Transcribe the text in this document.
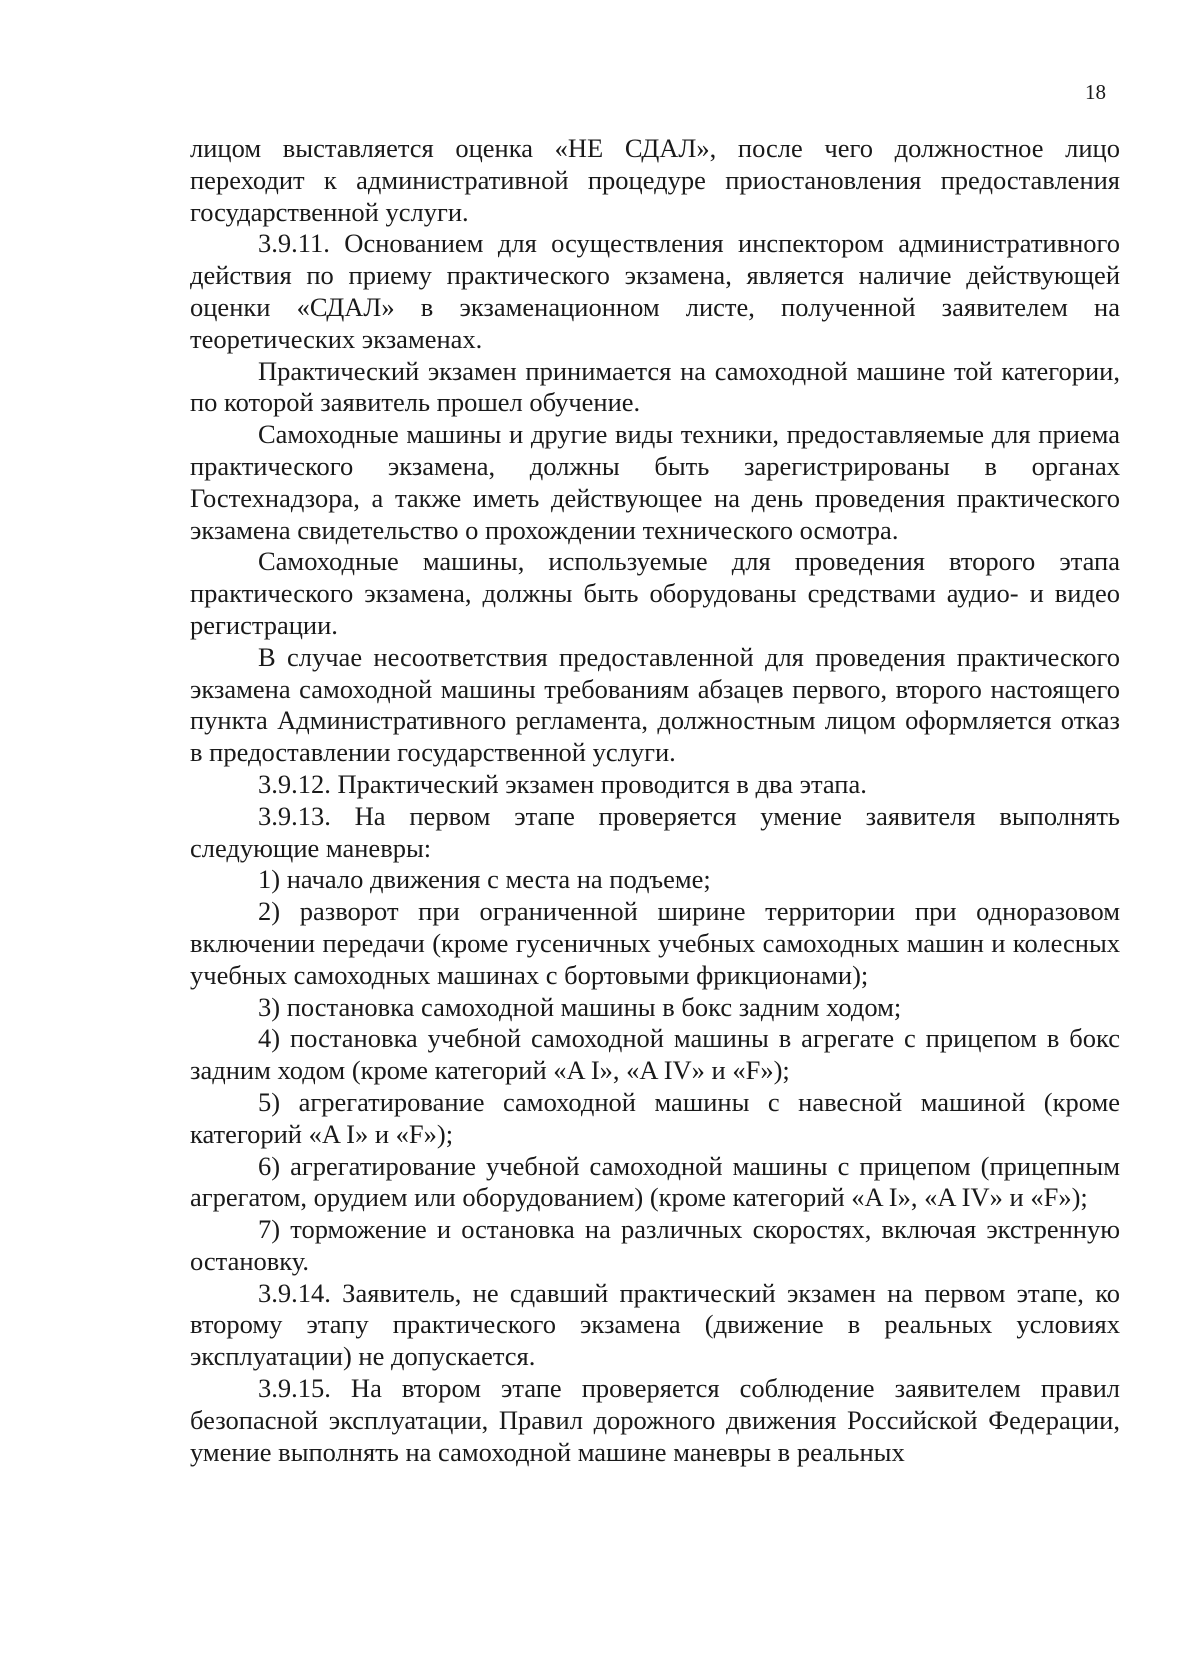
18

лицом выставляется оценка «НЕ СДАЛ», после чего должностное лицо переходит к административной процедуре приостановления предоставления государственной услуги.

3.9.11. Основанием для осуществления инспектором административного действия по приему практического экзамена, является наличие действующей оценки «СДАЛ» в экзаменационном листе, полученной заявителем на теоретических экзаменах.

Практический экзамен принимается на самоходной машине той категории, по которой заявитель прошел обучение.

Самоходные машины и другие виды техники, предоставляемые для приема практического экзамена, должны быть зарегистрированы в органах Гостехнадзора, а также иметь действующее на день проведения практического экзамена свидетельство о прохождении технического осмотра.

Самоходные машины, используемые для проведения второго этапа практического экзамена, должны быть оборудованы средствами аудио- и видео регистрации.

В случае несоответствия предоставленной для проведения практического экзамена самоходной машины требованиям абзацев первого, второго настоящего пункта Административного регламента, должностным лицом оформляется отказ в предоставлении государственной услуги.

3.9.12. Практический экзамен проводится в два этапа.

3.9.13. На первом этапе проверяется умение заявителя выполнять следующие маневры:

1) начало движения с места на подъеме;

2) разворот при ограниченной ширине территории при одноразовом включении передачи (кроме гусеничных учебных самоходных машин и колесных учебных самоходных машинах с бортовыми фрикционами);

3) постановка самоходной машины в бокс задним ходом;

4) постановка учебной самоходной машины в агрегате с прицепом в бокс задним ходом (кроме категорий «A I», «A IV» и «F»);

5) агрегатирование самоходной машины с навесной машиной (кроме категорий «A I» и «F»);

6) агрегатирование учебной самоходной машины с прицепом (прицепным агрегатом, орудием или оборудованием) (кроме категорий «A I», «A IV» и «F»);

7) торможение и остановка на различных скоростях, включая экстренную остановку.

3.9.14. Заявитель, не сдавший практический экзамен на первом этапе, ко второму этапу практического экзамена (движение в реальных условиях эксплуатации) не допускается.

3.9.15. На втором этапе проверяется соблюдение заявителем правил безопасной эксплуатации, Правил дорожного движения Российской Федерации, умение выполнять на самоходной машине маневры в реальных
